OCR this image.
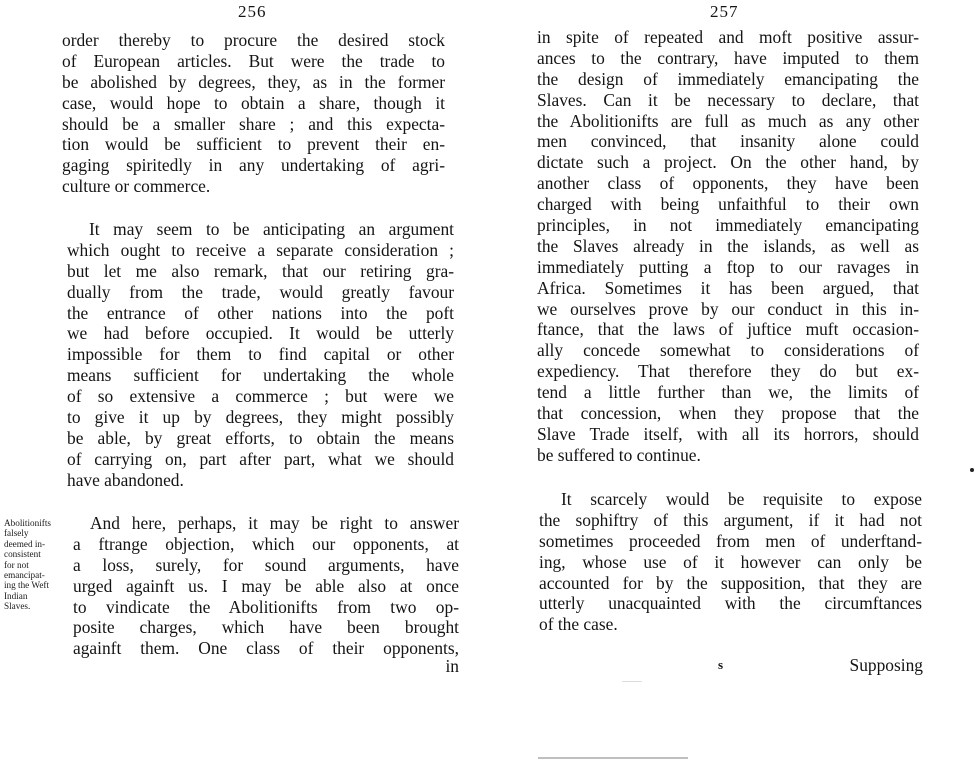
256
order thereby to procure the desired stock
of European articles. But were the trade to
be abolished by degrees, they, as in the former
case, would hope to obtain a share, though it
should be a smaller share ; and this expecta-
tion would be sufficient to prevent their en-
gaging spiritedly in any undertaking of agri-
culture or commerce.
It may seem to be anticipating an argument
which ought to receive a separate consideration ;
but let me also remark, that our retiring gra-
dually from the trade, would greatly favour
the entrance of other nations into the poft
we had before occupied. It would be utterly
impossible for them to find capital or other
means sufficient for undertaking the whole
of so extensive a commerce ; but were we
to give it up by degrees, they might possibly
be able, by great efforts, to obtain the means
of carrying on, part after part, what we should
have abandoned.
Abolitionifts
falsely
deemed in-
consistent
for not
emancipat-
ing the Weft
Indian
Slaves.
And here, perhaps, it may be right to answer
a ftrange objection, which our opponents, at
a loss, surely, for sound arguments, have
urged againft us. I may be able also at once
to vindicate the Abolitionifts from two op-
posite charges, which have been brought
againft them. One class of their opponents,
in
257
in spite of repeated and moft positive assur-
ances to the contrary, have imputed to them
the design of immediately emancipating the
Slaves. Can it be necessary to declare, that
the Abolitionifts are full as much as any other
men convinced, that insanity alone could
dictate such a project. On the other hand, by
another class of opponents, they have been
charged with being unfaithful to their own
principles, in not immediately emancipating
the Slaves already in the islands, as well as
immediately putting a ftop to our ravages in
Africa. Sometimes it has been argued, that
we ourselves prove by our conduct in this in-
ftance, that the laws of juftice muft occasion-
ally concede somewhat to considerations of
expediency. That therefore they do but ex-
tend a little further than we, the limits of
that concession, when they propose that the
Slave Trade itself, with all its horrors, should
be suffered to continue.
It scarcely would be requisite to expose
the sophiftry of this argument, if it had not
sometimes proceeded from men of underftand-
ing, whose use of it however can only be
accounted for by the supposition, that they are
utterly unacquainted with the circumftances
of the case.
s	Supposing
